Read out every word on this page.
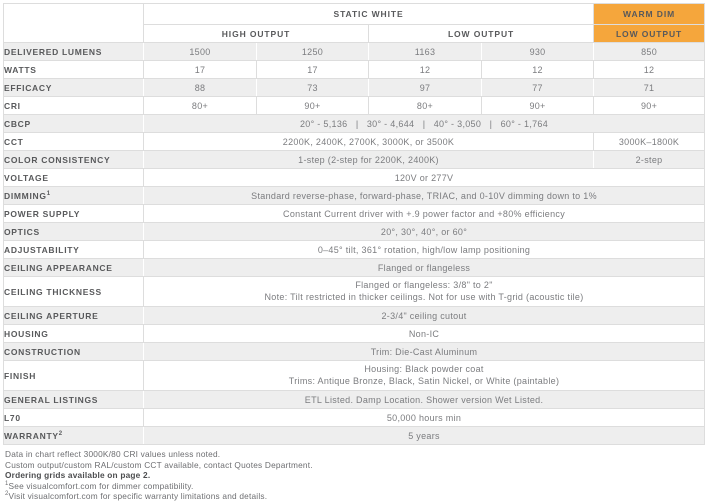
	STATIC WHITE				WARM DIM

	HIGH OUTPUT		LOW OUTPUT		LOW OUTPUT

DELIVERED LUMENS	1500	1250	1163	930	850
WATTS	17	17	12	12	12
EFFICACY	88	73	97	77	71
CRI	80+	90+	80+	90+	90+
CBCP	20° - 5,136   |   30° - 4,644   |   40° - 3,050   |   60° - 1,764				
CCT	2200K, 2400K, 2700K, 3000K, or 3500K				3000K–1800K
COLOR CONSISTENCY	1-step (2-step for 2200K, 2400K)				2-step
VOLTAGE	120V or 277V				
DIMMING$^1$	Standard reverse-phase, forward-phase, TRIAC, and 0-10V dimming down to 1%				
POWER SUPPLY	Constant Current driver with +.9 power factor and +80% efficiency				
OPTICS	20°, 30°, 40°, or 60°				
ADJUSTABILITY	0–45° tilt, 361° rotation, high/low lamp positioning				
CEILING APPEARANCE	Flanged or flangeless				
CEILING THICKNESS	Flanged or flangeless: 3/8" to 2"
Note: Tilt restricted in thicker ceilings. Not for use with T-grid (acoustic tile)				

CEILING APERTURE	2-3/4" ceiling cutout				
HOUSING	Non-IC				
CONSTRUCTION	Trim: Die-Cast Aluminum				
FINISH	Housing: Black powder coat
Trims: Antique Bronze, Black, Satin Nickel, or White (paintable)				

GENERAL LISTINGS	ETL Listed. Damp Location. Shower version Wet Listed.				
L70	50,000 hours min				
WARRANTY$^2$	5 years				
Data in chart reflect 3000K/80 CRI values unless noted.
Custom output/custom RAL/custom CCT available, contact Quotes Department.
Ordering grids available on page 2.
$^1$See visualcomfort.com for dimmer compatibility.
$^2$Visit visualcomfort.com for specific warranty limitations and details.
